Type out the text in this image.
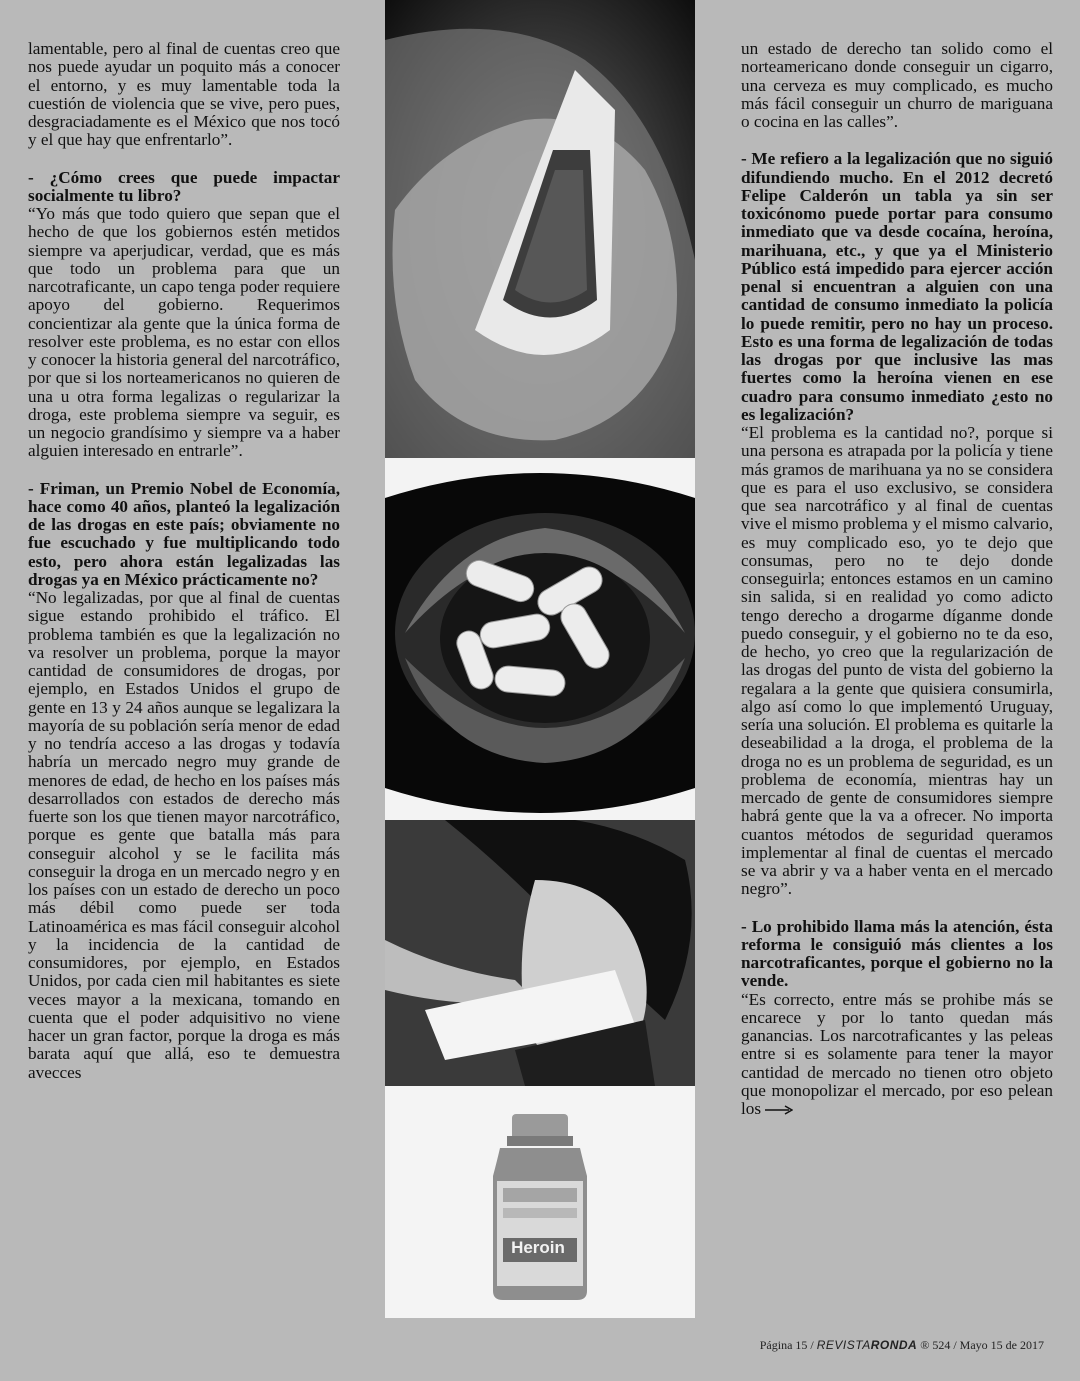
lamentable, pero al final de cuentas creo que nos puede ayudar un poquito más a conocer el entorno, y es muy lamentable toda la cuestión de violencia que se vive, pero pues, desgraciadamente es el México que nos tocó y el que hay que enfrentarlo”.

- ¿Cómo crees que puede impactar socialmente tu libro?

“Yo más que todo quiero que sepan que el hecho de que los gobiernos estén metidos siempre va aperjudicar, verdad, que es más que todo un problema para que un narcotraficante, un capo tenga poder requiere apoyo del gobierno. Requerimos concientizar ala gente que la única forma de resolver este problema, es no estar con ellos y conocer la historia general del narcotráfico, por que si los norteamericanos no quieren de una u otra forma legalizas o regularizar la droga, este problema siempre va seguir, es un negocio grandísimo y siempre va a haber alguien interesado en entrarle”.

- Friman, un Premio Nobel de Economía, hace como 40 años, planteó la legalización de las drogas en este país; obviamente no fue escuchado y fue multiplicando todo esto, pero ahora están legalizadas las drogas ya en México prácticamente no?

“No legalizadas, por que al final de cuentas sigue estando prohibido el tráfico. El problema también es que la legalización no va resolver un problema, porque la mayor cantidad de consumidores de drogas, por ejemplo, en Estados Unidos el grupo de gente en 13 y 24 años aunque se legalizara la mayoría de su población sería menor de edad y no tendría acceso a las drogas y todavía habría un mercado negro muy grande de menores de edad, de hecho en los países más desarrollados con estados de derecho más fuerte son los que tienen mayor narcotráfico, porque es gente que batalla más para conseguir alcohol y se le facilita más conseguir la droga en un mercado negro y en los países con un estado de derecho un poco más débil como puede ser toda Latinoamérica es mas fácil conseguir alcohol y la incidencia de la cantidad de consumidores, por ejemplo, en Estados Unidos, por cada cien mil habitantes es siete veces mayor a la mexicana, tomando en cuenta que el poder adquisitivo no viene hacer un gran factor, porque la droga es más barata aquí que allá, eso te demuestra avecces

Heroin

un estado de derecho tan solido como el norteamericano donde conseguir un cigarro, una cerveza es muy complicado, es mucho más fácil conseguir un churro de mariguana o cocina en las calles”.

- Me refiero a la legalización que no siguió difundiendo mucho. En el 2012 decretó Felipe Calderón un tabla ya sin ser toxicónomo puede portar para consumo inmediato que va desde cocaína, heroína, marihuana, etc., y que ya el Ministerio Público está impedido para ejercer acción penal si encuentran a alguien con una cantidad de consumo inmediato la policía lo puede remitir, pero no hay un proceso. Esto es una forma de legalización de todas las drogas por que inclusive las mas fuertes como la heroína vienen en ese cuadro para consumo inmediato ¿esto no es legalización?

“El problema es la cantidad no?, porque si una persona es atrapada por la policía y tiene más gramos de marihuana ya no se considera que es para el uso exclusivo, se considera que sea narcotráfico y al final de cuentas vive el mismo problema y el mismo calvario, es muy complicado eso, yo te dejo que consumas, pero no te dejo donde conseguirla; entonces estamos en un camino sin salida, si en realidad yo como adicto tengo derecho a drogarme díganme donde puedo conseguir, y el gobierno no te da eso, de hecho, yo creo que la regularización de las drogas del punto de vista del gobierno la regalara a la gente que quisiera consumirla, algo así como lo que implementó Uruguay, sería una solución. El problema es quitarle la deseabilidad a la droga, el problema de la droga no es un problema de seguridad, es un problema de economía, mientras hay un mercado de gente de consumidores siempre habrá gente que la va a ofrecer. No importa cuantos métodos de seguridad queramos implementar al final de cuentas el mercado se va abrir y va a haber venta en el mercado negro”.

- Lo prohibido llama más la atención, ésta reforma le consiguió más clientes a los narcotraficantes, porque el gobierno no la vende.

“Es correcto, entre más se prohibe más se encarece y por lo tanto quedan más ganancias. Los narcotraficantes y las peleas entre si es solamente para tener la mayor cantidad de mercado no tienen otro objeto que monopolizar el mercado, por eso pelean los

Página 15 / REVISTARONDA ® 524 / Mayo 15 de 2017
